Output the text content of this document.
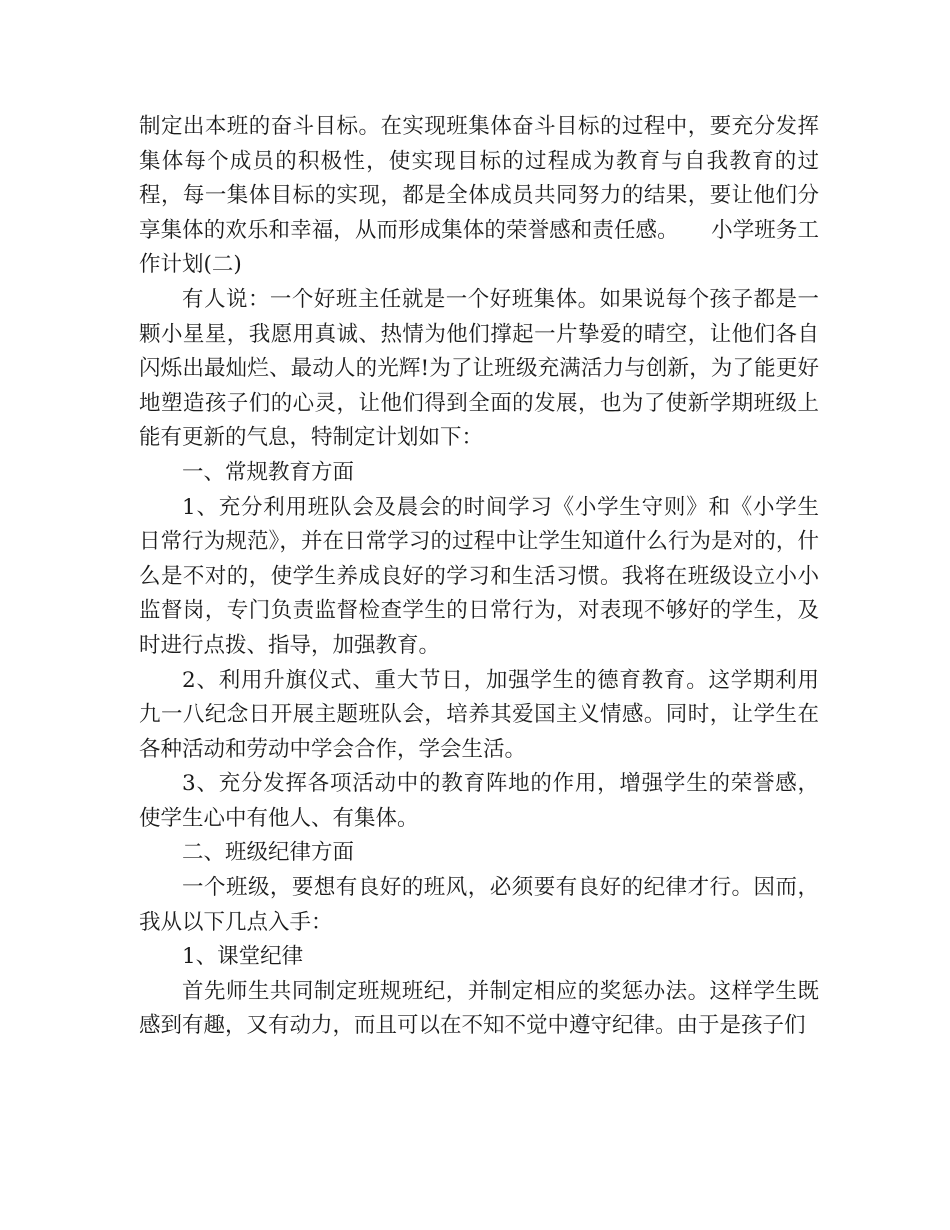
制定出本班的奋斗目标。在实现班集体奋斗目标的过程中，要充分发挥集体每个成员的积极性，使实现目标的过程成为教育与自我教育的过程，每一集体目标的实现，都是全体成员共同努力的结果，要让他们分享集体的欢乐和幸福，从而形成集体的荣誉感和责任感。　　小学班务工作计划(二)

有人说：一个好班主任就是一个好班集体。如果说每个孩子都是一颗小星星，我愿用真诚、热情为他们撑起一片挚爱的晴空，让他们各自闪烁出最灿烂、最动人的光辉!为了让班级充满活力与创新，为了能更好地塑造孩子们的心灵，让他们得到全面的发展，也为了使新学期班级上能有更新的气息，特制定计划如下：

一、常规教育方面

1、充分利用班队会及晨会的时间学习《小学生守则》和《小学生日常行为规范》，并在日常学习的过程中让学生知道什么行为是对的，什么是不对的，使学生养成良好的学习和生活习惯。我将在班级设立小小监督岗，专门负责监督检查学生的日常行为，对表现不够好的学生，及时进行点拨、指导，加强教育。

2、利用升旗仪式、重大节日，加强学生的德育教育。这学期利用九一八纪念日开展主题班队会，培养其爱国主义情感。同时，让学生在各种活动和劳动中学会合作，学会生活。

3、充分发挥各项活动中的教育阵地的作用，增强学生的荣誉感，使学生心中有他人、有集体。

二、班级纪律方面

一个班级，要想有良好的班风，必须要有良好的纪律才行。因而，我从以下几点入手：

1、课堂纪律

首先师生共同制定班规班纪，并制定相应的奖惩办法。这样学生既感到有趣，又有动力，而且可以在不知不觉中遵守纪律。由于是孩子们
